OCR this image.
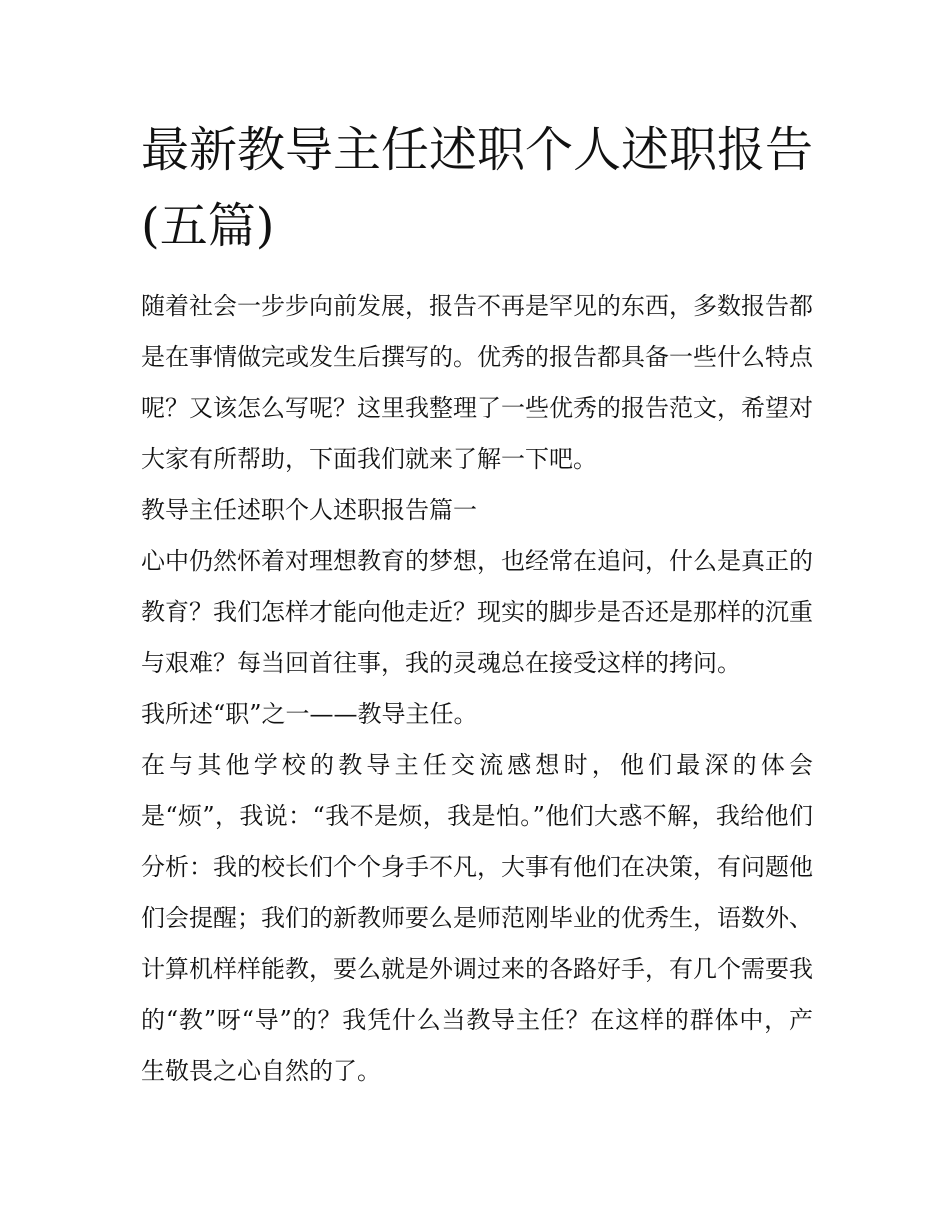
最新教导主任述职个人述职报告(五篇)

随着社会一步步向前发展，报告不再是罕见的东西，多数报告都是在事情做完或发生后撰写的。优秀的报告都具备一些什么特点呢？又该怎么写呢？这里我整理了一些优秀的报告范文，希望对大家有所帮助，下面我们就来了解一下吧。

教导主任述职个人述职报告篇一

心中仍然怀着对理想教育的梦想，也经常在追问，什么是真正的教育？我们怎样才能向他走近？现实的脚步是否还是那样的沉重与艰难？每当回首往事，我的灵魂总在接受这样的拷问。

我所述“职”之一——教导主任。

在与其他学校的教导主任交流感想时，他们最深的体会是“烦”，我说：“我不是烦，我是怕。”他们大惑不解，我给他们分析：我的校长们个个身手不凡，大事有他们在决策，有问题他们会提醒；我们的新教师要么是师范刚毕业的优秀生，语数外、计算机样样能教，要么就是外调过来的各路好手，有几个需要我的“教”呀“导”的？我凭什么当教导主任？在这样的群体中，产生敬畏之心自然的了。
